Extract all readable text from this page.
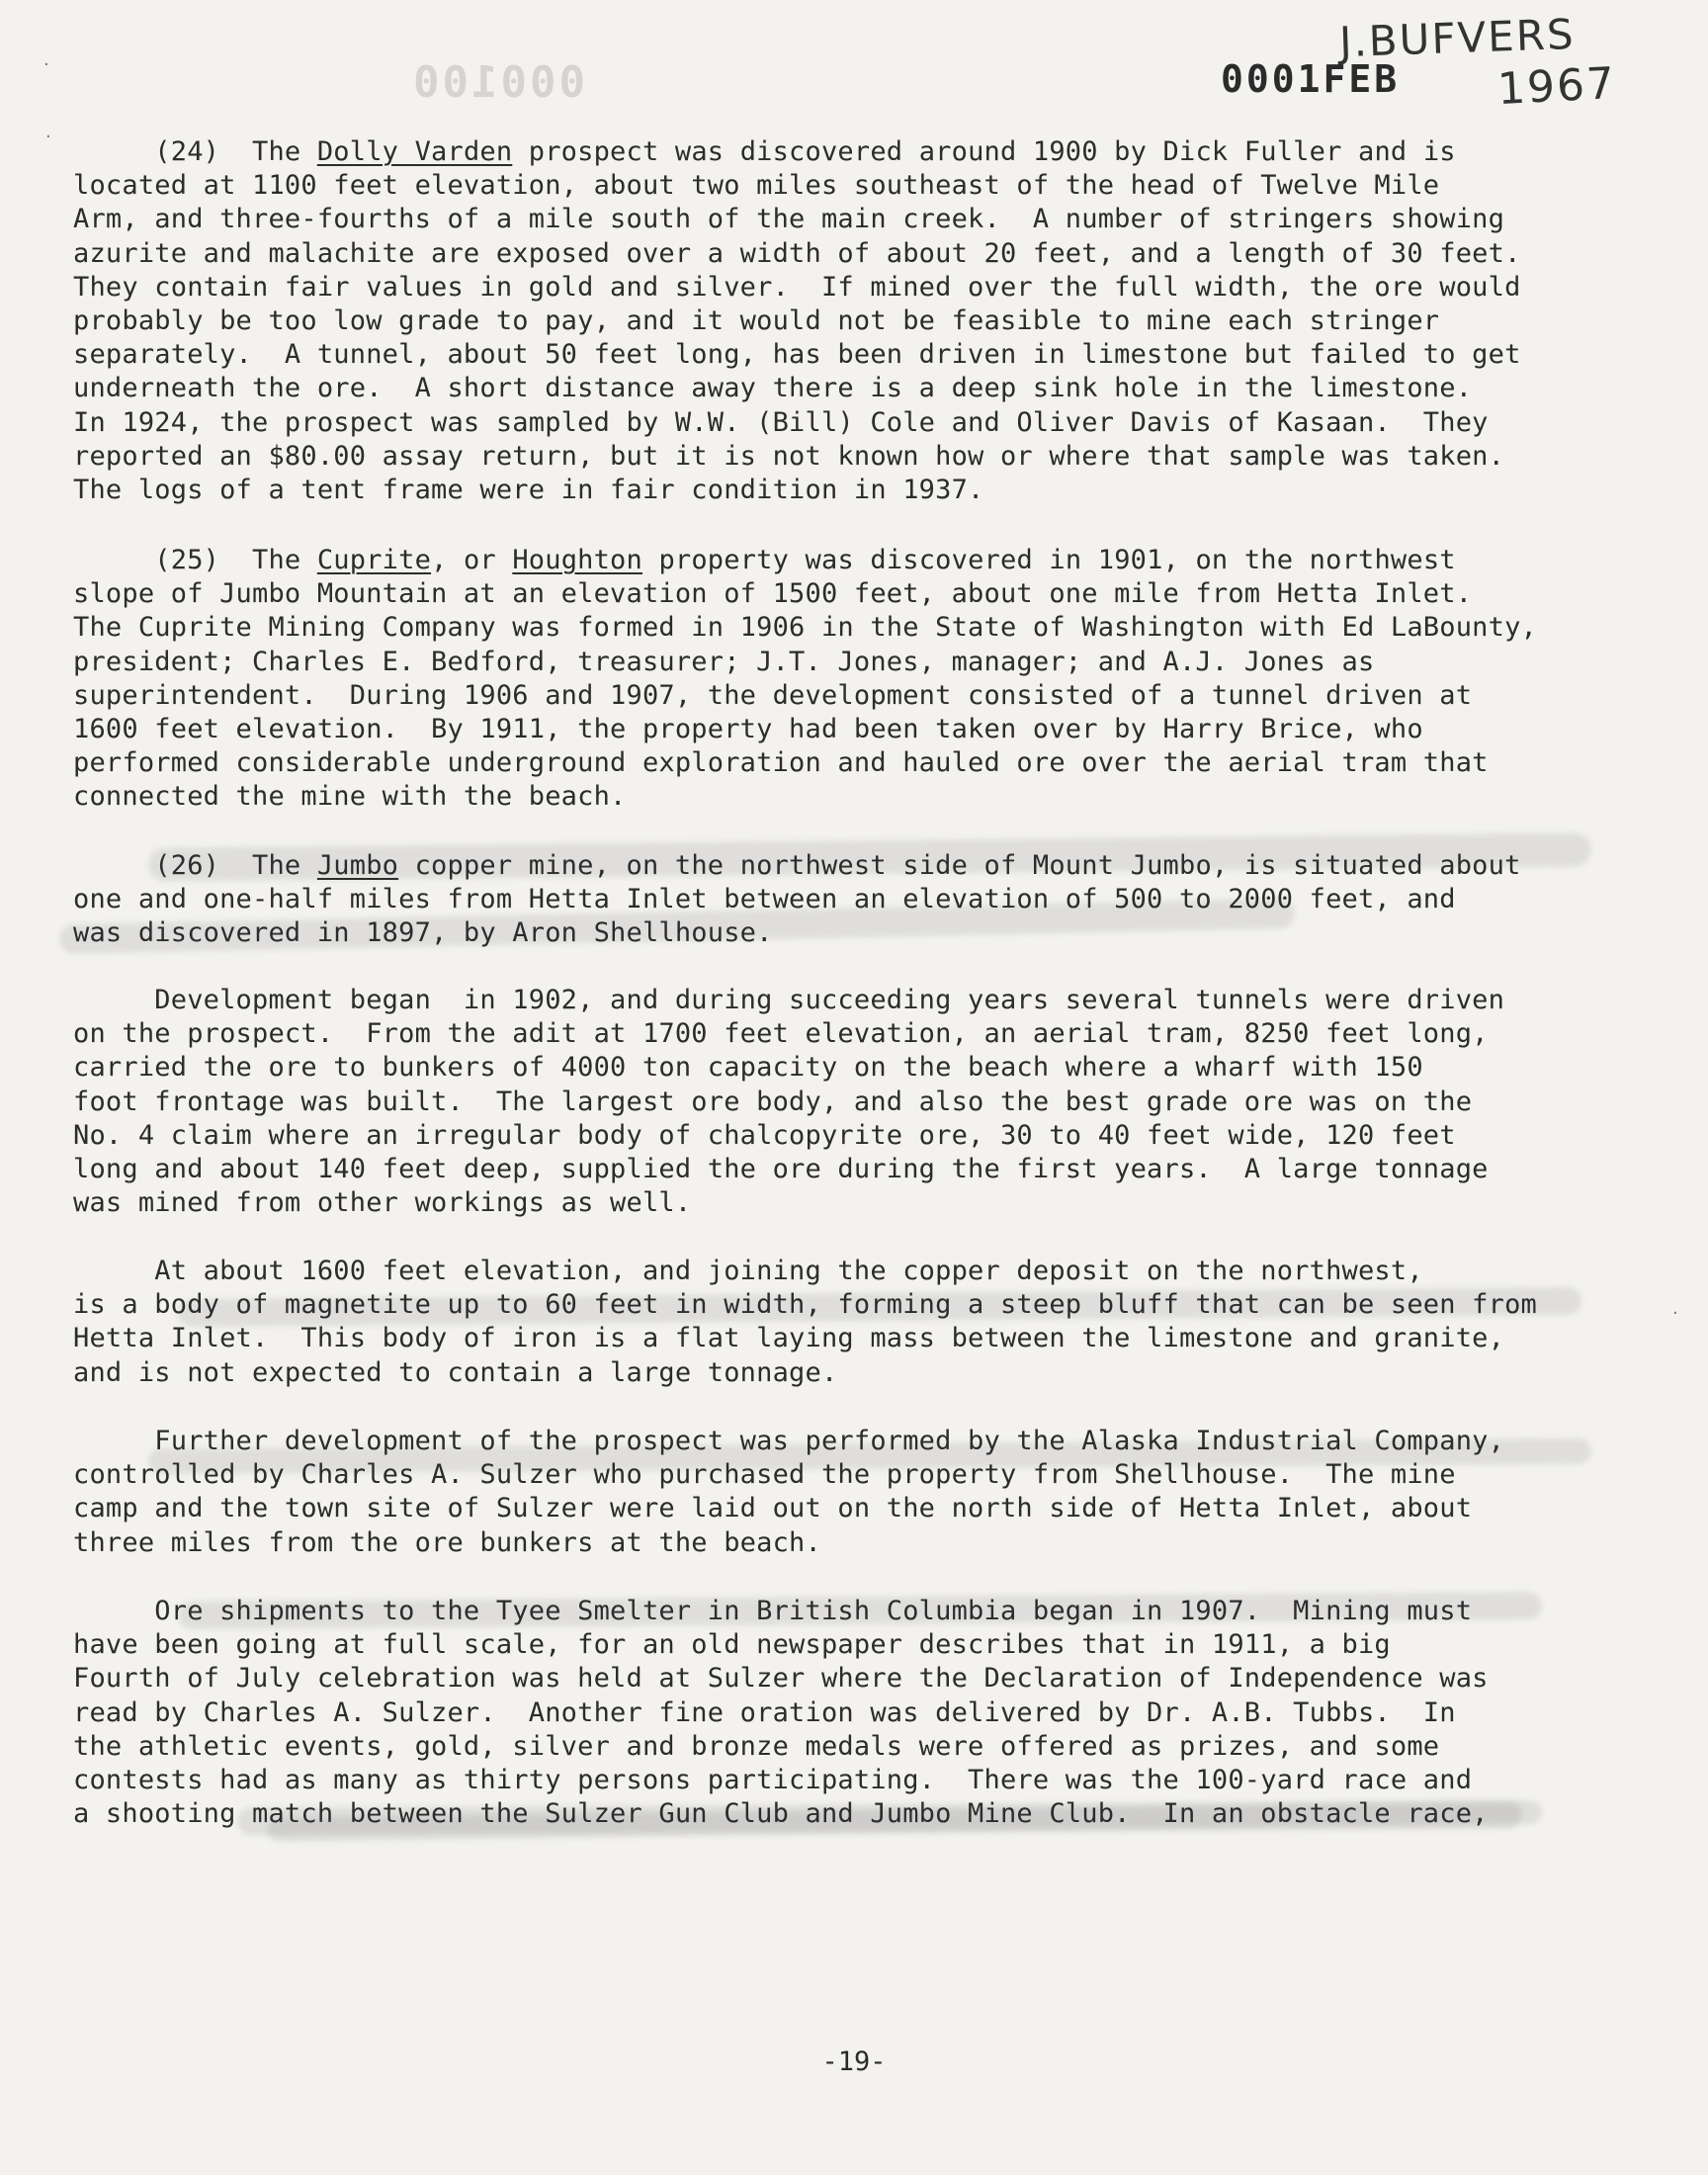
000100
J.BUFVERS
0001FEB 1967
·
·
·
(24)  The Dolly Varden prospect was discovered around 1900 by Dick Fuller and is
located at 1100 feet elevation, about two miles southeast of the head of Twelve Mile
Arm, and three-fourths of a mile south of the main creek.  A number of stringers showing
azurite and malachite are exposed over a width of about 20 feet, and a length of 30 feet.
They contain fair values in gold and silver.  If mined over the full width, the ore would
probably be too low grade to pay, and it would not be feasible to mine each stringer
separately.  A tunnel, about 50 feet long, has been driven in limestone but failed to get
underneath the ore.  A short distance away there is a deep sink hole in the limestone.
In 1924, the prospect was sampled by W.W. (Bill) Cole and Oliver Davis of Kasaan.  They
reported an $80.00 assay return, but it is not known how or where that sample was taken.
The logs of a tent frame were in fair condition in 1937.
(25)  The Cuprite, or Houghton property was discovered in 1901, on the northwest
slope of Jumbo Mountain at an elevation of 1500 feet, about one mile from Hetta Inlet.
The Cuprite Mining Company was formed in 1906 in the State of Washington with Ed LaBounty,
president; Charles E. Bedford, treasurer; J.T. Jones, manager; and A.J. Jones as
superintendent.  During 1906 and 1907, the development consisted of a tunnel driven at
1600 feet elevation.  By 1911, the property had been taken over by Harry Brice, who
performed considerable underground exploration and hauled ore over the aerial tram that
connected the mine with the beach.
(26)  The Jumbo copper mine, on the northwest side of Mount Jumbo, is situated about
one and one-half miles from Hetta Inlet between an elevation of 500 to 2000 feet, and
was discovered in 1897, by Aron Shellhouse.
Development began  in 1902, and during succeeding years several tunnels were driven
on the prospect.  From the adit at 1700 feet elevation, an aerial tram, 8250 feet long,
carried the ore to bunkers of 4000 ton capacity on the beach where a wharf with 150
foot frontage was built.  The largest ore body, and also the best grade ore was on the
No. 4 claim where an irregular body of chalcopyrite ore, 30 to 40 feet wide, 120 feet
long and about 140 feet deep, supplied the ore during the first years.  A large tonnage
was mined from other workings as well.
At about 1600 feet elevation, and joining the copper deposit on the northwest,
is a body of magnetite up to 60 feet in width, forming a steep bluff that can be seen from
Hetta Inlet.  This body of iron is a flat laying mass between the limestone and granite,
and is not expected to contain a large tonnage.
Further development of the prospect was performed by the Alaska Industrial Company,
controlled by Charles A. Sulzer who purchased the property from Shellhouse.  The mine
camp and the town site of Sulzer were laid out on the north side of Hetta Inlet, about
three miles from the ore bunkers at the beach.
Ore shipments to the Tyee Smelter in British Columbia began in 1907.  Mining must
have been going at full scale, for an old newspaper describes that in 1911, a big
Fourth of July celebration was held at Sulzer where the Declaration of Independence was
read by Charles A. Sulzer.  Another fine oration was delivered by Dr. A.B. Tubbs.  In
the athletic events, gold, silver and bronze medals were offered as prizes, and some
contests had as many as thirty persons participating.  There was the 100-yard race and
a shooting match between the Sulzer Gun Club and Jumbo Mine Club.  In an obstacle race,
-19-
